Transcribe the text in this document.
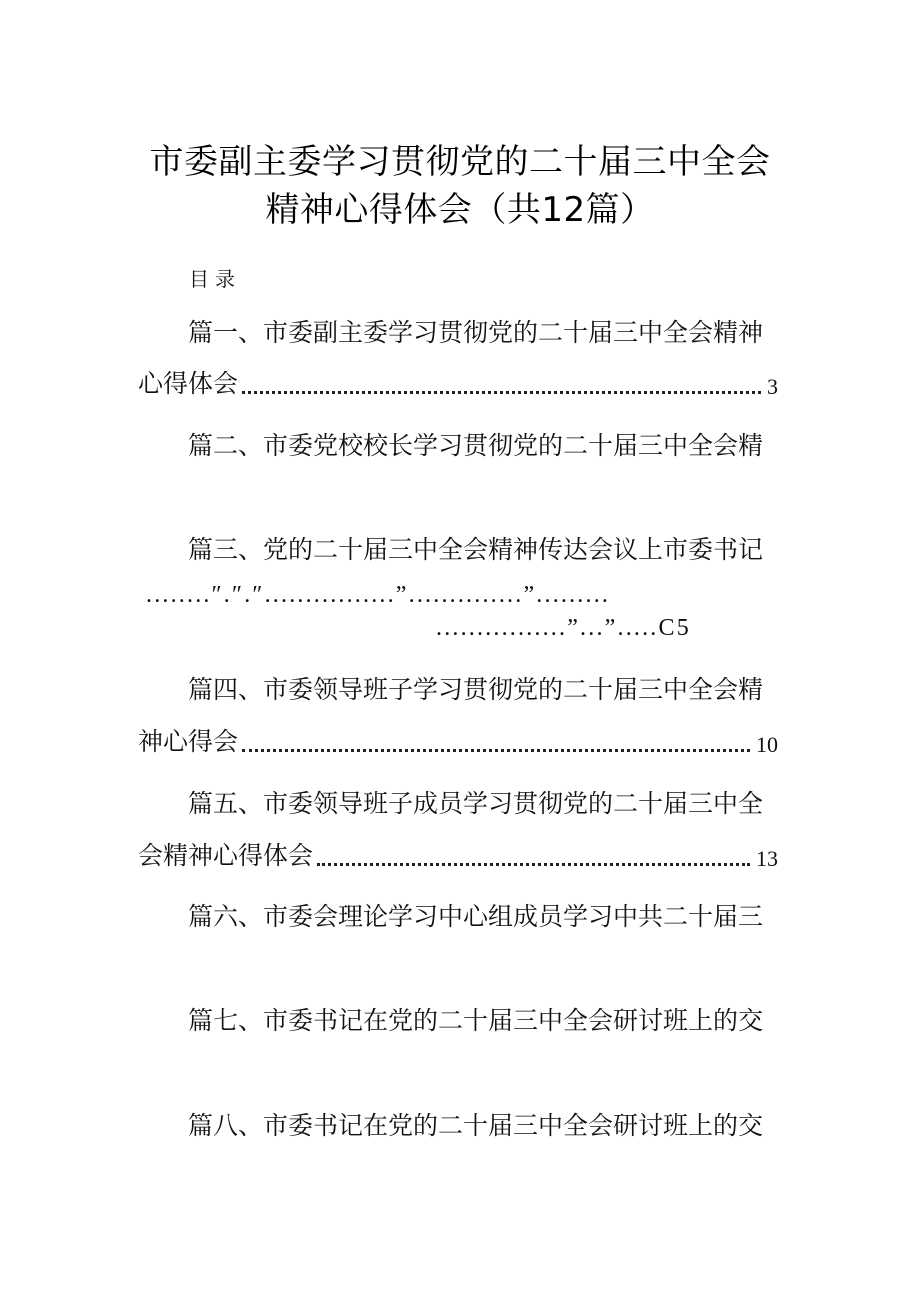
市委副主委学习贯彻党的二十届三中全会
精神心得体会（共12篇）
目录
篇一、市委副主委学习贯彻党的二十届三中全会精神
心得体会	3
篇二、市委党校校长学习贯彻党的二十届三中全会精
篇三、党的二十届三中全会精神传达会议上市委书记
........″.″.″................”..............”.........
................”...”.....C5
篇四、市委领导班子学习贯彻党的二十届三中全会精
神心得会	10
篇五、市委领导班子成员学习贯彻党的二十届三中全
会精神心得体会	13
篇六、市委会理论学习中心组成员学习中共二十届三
篇七、市委书记在党的二十届三中全会研讨班上的交
篇八、市委书记在党的二十届三中全会研讨班上的交
